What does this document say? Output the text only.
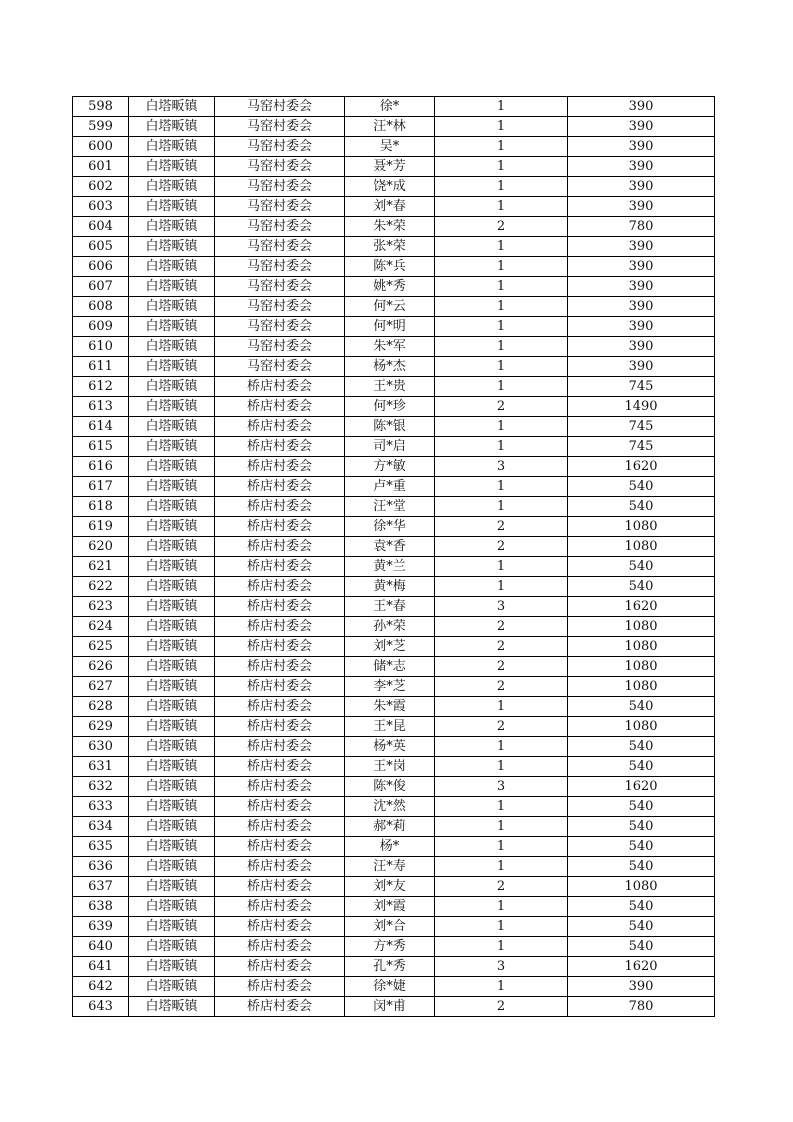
598	白塔畈镇	马窑村委会	徐*	1	390
599	白塔畈镇	马窑村委会	汪*林	1	390
600	白塔畈镇	马窑村委会	吴*	1	390
601	白塔畈镇	马窑村委会	聂*芳	1	390
602	白塔畈镇	马窑村委会	饶*成	1	390
603	白塔畈镇	马窑村委会	刘*春	1	390
604	白塔畈镇	马窑村委会	朱*荣	2	780
605	白塔畈镇	马窑村委会	张*荣	1	390
606	白塔畈镇	马窑村委会	陈*兵	1	390
607	白塔畈镇	马窑村委会	姚*秀	1	390
608	白塔畈镇	马窑村委会	何*云	1	390
609	白塔畈镇	马窑村委会	何*明	1	390
610	白塔畈镇	马窑村委会	朱*军	1	390
611	白塔畈镇	马窑村委会	杨*杰	1	390
612	白塔畈镇	桥店村委会	王*贵	1	745
613	白塔畈镇	桥店村委会	何*珍	2	1490
614	白塔畈镇	桥店村委会	陈*银	1	745
615	白塔畈镇	桥店村委会	司*启	1	745
616	白塔畈镇	桥店村委会	方*敏	3	1620
617	白塔畈镇	桥店村委会	卢*重	1	540
618	白塔畈镇	桥店村委会	汪*堂	1	540
619	白塔畈镇	桥店村委会	徐*华	2	1080
620	白塔畈镇	桥店村委会	袁*香	2	1080
621	白塔畈镇	桥店村委会	黄*兰	1	540
622	白塔畈镇	桥店村委会	黄*梅	1	540
623	白塔畈镇	桥店村委会	王*春	3	1620
624	白塔畈镇	桥店村委会	孙*荣	2	1080
625	白塔畈镇	桥店村委会	刘*芝	2	1080
626	白塔畈镇	桥店村委会	储*志	2	1080
627	白塔畈镇	桥店村委会	李*芝	2	1080
628	白塔畈镇	桥店村委会	朱*霞	1	540
629	白塔畈镇	桥店村委会	王*昆	2	1080
630	白塔畈镇	桥店村委会	杨*英	1	540
631	白塔畈镇	桥店村委会	王*岗	1	540
632	白塔畈镇	桥店村委会	陈*俊	3	1620
633	白塔畈镇	桥店村委会	沈*然	1	540
634	白塔畈镇	桥店村委会	郝*莉	1	540
635	白塔畈镇	桥店村委会	杨*	1	540
636	白塔畈镇	桥店村委会	汪*寿	1	540
637	白塔畈镇	桥店村委会	刘*友	2	1080
638	白塔畈镇	桥店村委会	刘*霞	1	540
639	白塔畈镇	桥店村委会	刘*合	1	540
640	白塔畈镇	桥店村委会	方*秀	1	540
641	白塔畈镇	桥店村委会	孔*秀	3	1620
642	白塔畈镇	桥店村委会	徐*婕	1	390
643	白塔畈镇	桥店村委会	闵*甫	2	780
